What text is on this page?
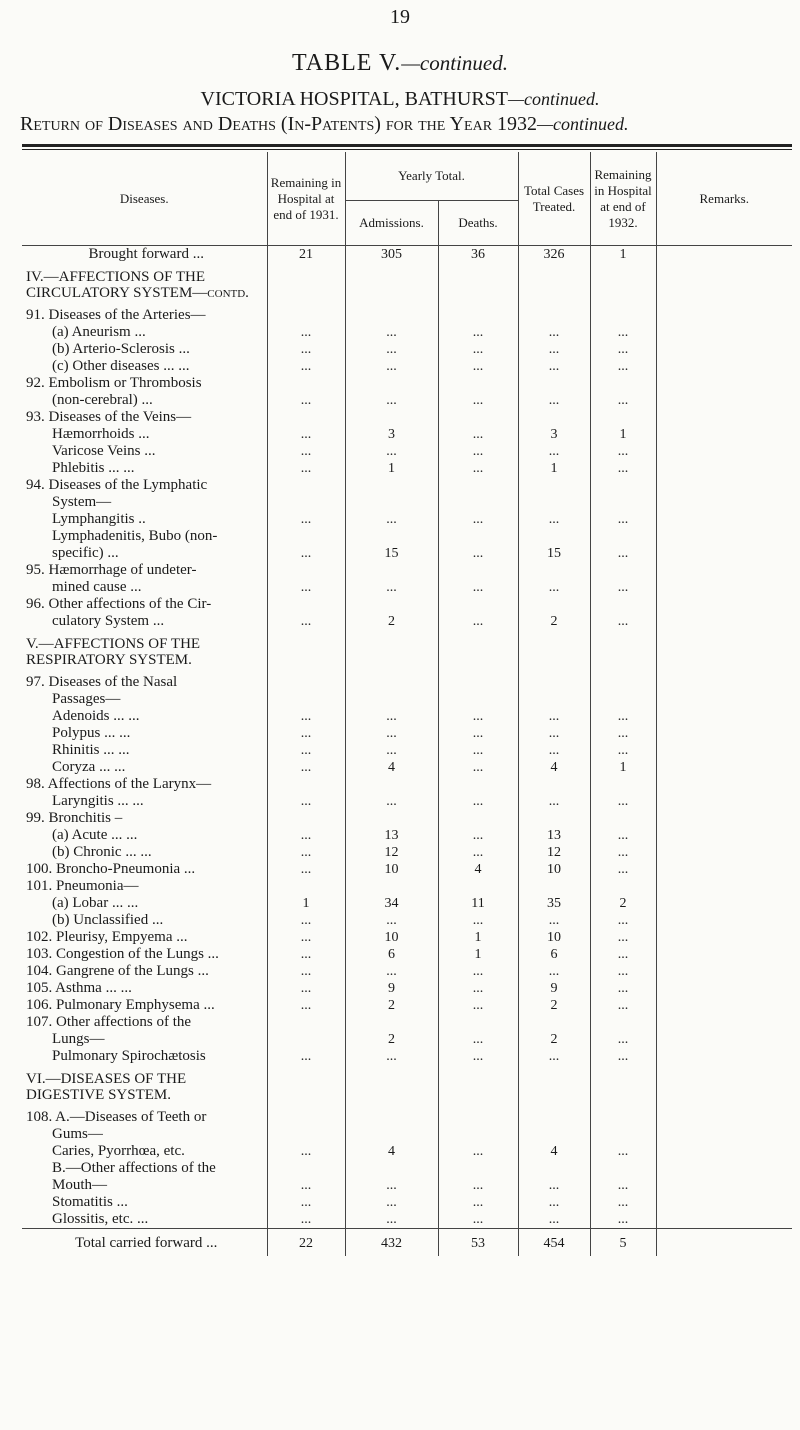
19
TABLE V.—continued.
VICTORIA HOSPITAL, BATHURST—continued.
Return of Diseases and Deaths (In-Patents) for the Year 1932—continued.
Diseases.	Remaining in Hospital at end of 1931.	Yearly Total.		Total Cases Treated.	Remaining in Hospital at end of 1932.	Remarks.
		Admissions.	Deaths.			
Brought forward ...	21	305	36	326	1	

IV.—AFFECTIONS OF THE CIRCULATORY SYSTEM—contd.						

91. Diseases of the Arteries—						
(a) Aneurism ...	...	...	...	...	...	
(b) Arterio-Sclerosis ...	...	...	...	...	...	
(c) Other diseases ... ...	...	...	...	...	...	
92. Embolism or Thrombosis						
(non-cerebral) ...	...	...	...	...	...	
93. Diseases of the Veins—						
Hæmorrhoids ...	...	3	...	3	1	
Varicose Veins ...	...	...	...	...	...	
Phlebitis ... ...	...	1	...	1	...	
94. Diseases of the Lymphatic						
System—						
Lymphangitis ..	...	...	...	...	...	
Lymphadenitis, Bubo (non-						
specific) ...	...	15	...	15	...	
95. Hæmorrhage of undeter-						
mined cause ...	...	...	...	...	...	
96. Other affections of the Cir-						
culatory System ...	...	2	...	2	...	

V.—AFFECTIONS OF THE RESPIRATORY SYSTEM.						

97. Diseases of the Nasal						
Passages—						
Adenoids ... ...	...	...	...	...	...	
Polypus ... ...	...	...	...	...	...	
Rhinitis ... ...	...	...	...	...	...	
Coryza ... ...	...	4	...	4	1	
98. Affections of the Larynx—						
Laryngitis ... ...	...	...	...	...	...	
99. Bronchitis –						
(a) Acute ... ...	...	13	...	13	...	
(b) Chronic ... ...	...	12	...	12	...	
100. Broncho-Pneumonia ...	...	10	4	10	...	
101. Pneumonia—						
(a) Lobar ... ...	1	34	11	35	2	
(b) Unclassified ...	...	...	...	...	...	
102. Pleurisy, Empyema ...	...	10	1	10	...	
103. Congestion of the Lungs ...	...	6	1	6	...	
104. Gangrene of the Lungs ...	...	...	...	...	...	
105. Asthma ... ...	...	9	...	9	...	
106. Pulmonary Emphysema ...	...	2	...	2	...	
107. Other affections of the						
Lungs—		2	...	2	...	
Pulmonary Spirochætosis	...	...	...	...	...	

VI.—DISEASES OF THE DIGESTIVE SYSTEM.						

108. A.—Diseases of Teeth or						
Gums—						
Caries, Pyorrhœa, etc.	...	4	...	4	...	
B.—Other affections of the						
Mouth—	...	...	...	...	...	
Stomatitis ...	...	...	...	...	...	
Glossitis, etc. ...	...	...	...	...	...	
Total carried forward ...	22	432	53	454	5	
